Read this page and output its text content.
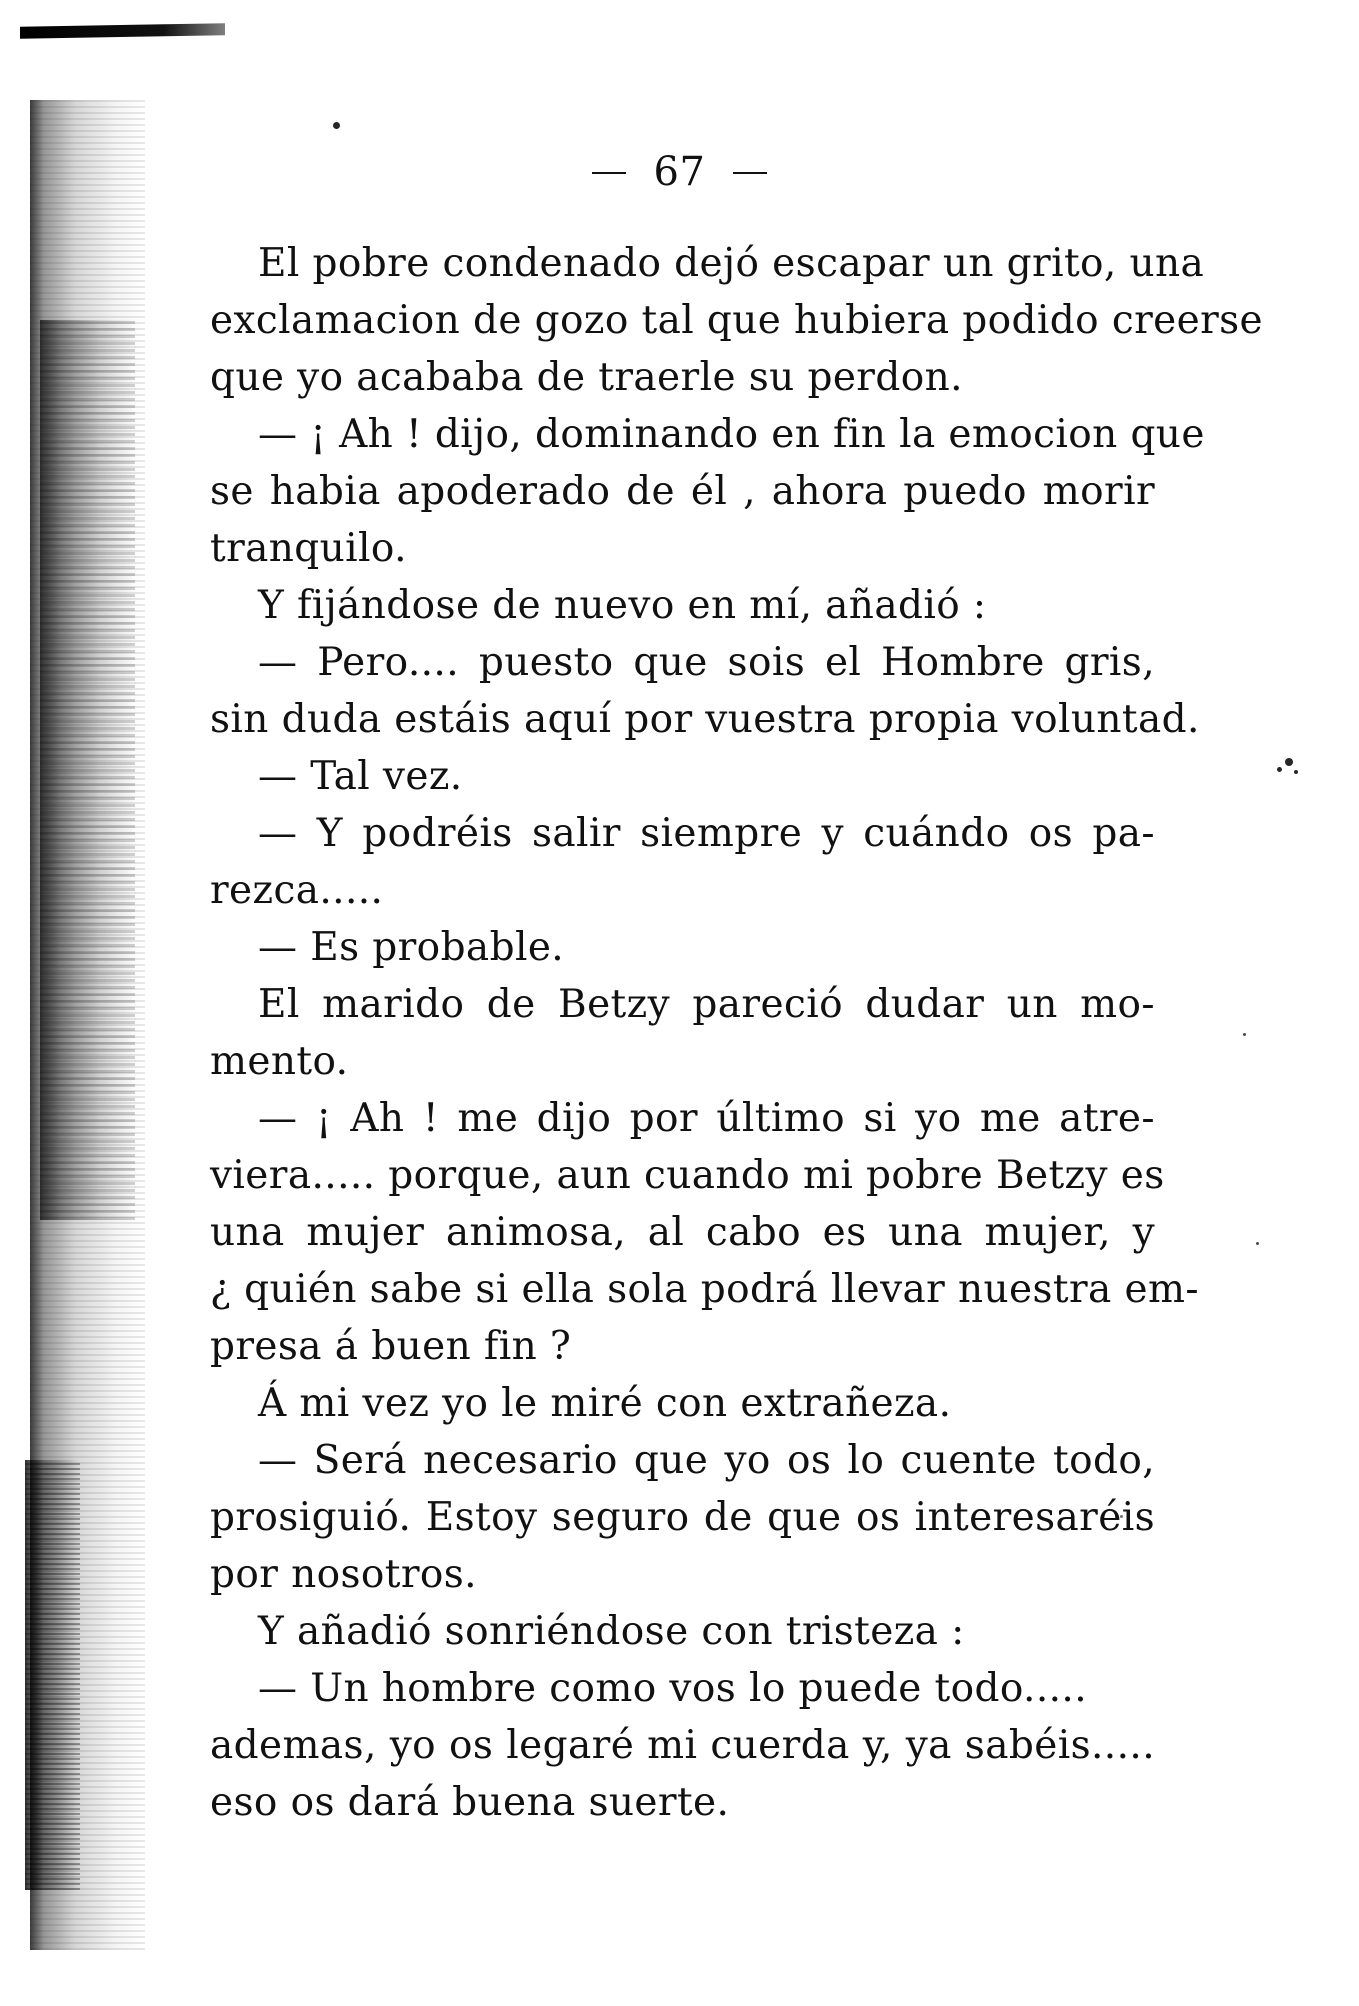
67
El pobre condenado dejó escapar un grito, una
exclamacion de gozo tal que hubiera podido creerse
que yo acababa de traerle su perdon.
— ¡ Ah ! dijo, dominando en fin la emocion que
se habia apoderado de él , ahora puedo morir
tranquilo.
Y fijándose de nuevo en mí, añadió :
— Pero.... puesto que sois el Hombre gris,
sin duda estáis aquí por vuestra propia voluntad.
— Tal vez.
— Y podréis salir siempre y cuándo os pa-
rezca.....
— Es probable.
El marido de Betzy pareció dudar un mo-
mento.
— ¡ Ah ! me dijo por último si yo me atre-
viera..... porque, aun cuando mi pobre Betzy es
una mujer animosa, al cabo es una mujer, y
¿ quién sabe si ella sola podrá llevar nuestra em-
presa á buen fin ?
Á mi vez yo le miré con extrañeza.
— Será necesario que yo os lo cuente todo,
prosiguió. Estoy seguro de que os interesaréis
por nosotros.
Y añadió sonriéndose con tristeza :
— Un hombre como vos lo puede todo.....
ademas, yo os legaré mi cuerda y, ya sabéis.....
eso os dará buena suerte.
